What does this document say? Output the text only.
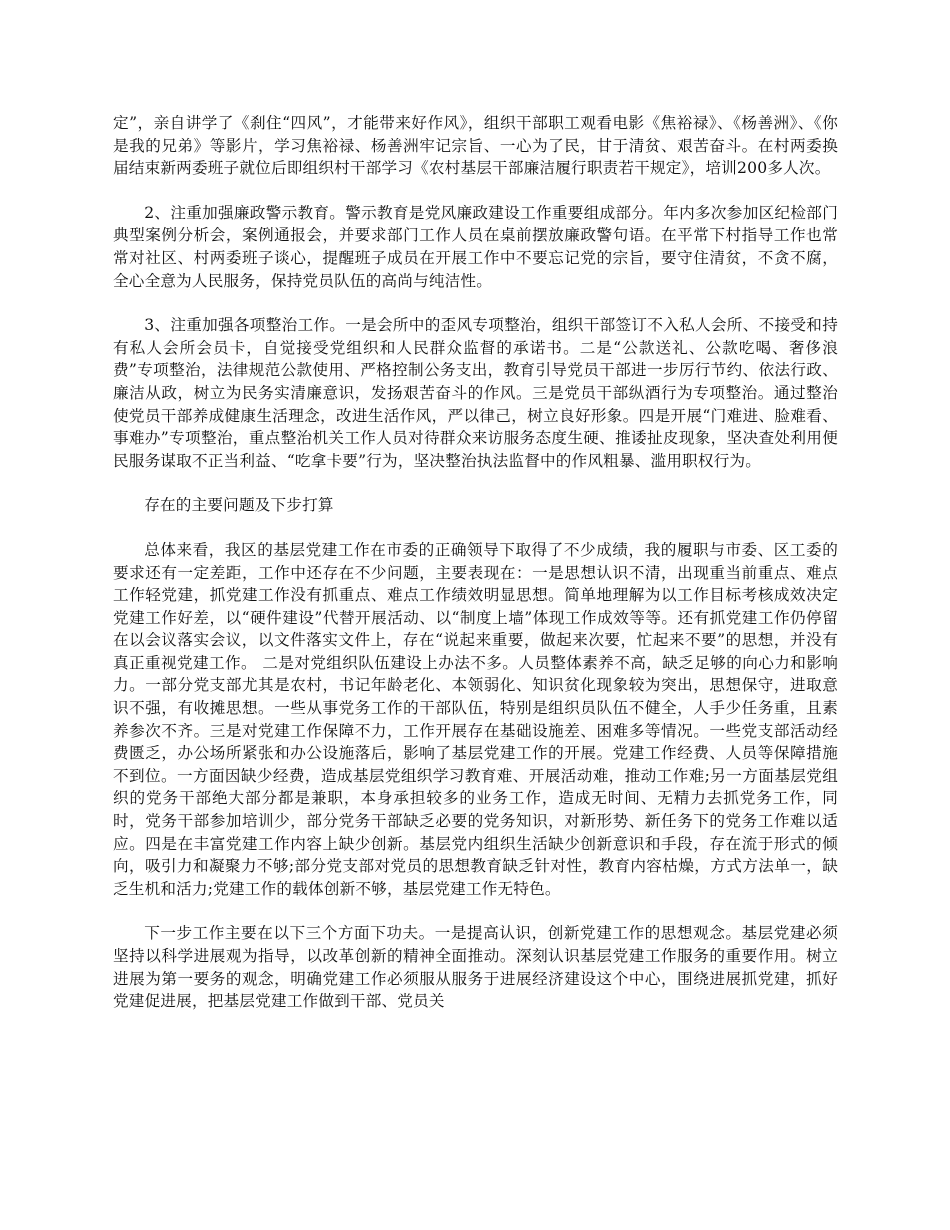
定”，亲自讲学了《刹住“四风”，才能带来好作风》，组织干部职工观看电影《焦裕禄》、《杨善洲》、《你是我的兄弟》等影片，学习焦裕禄、杨善洲牢记宗旨、一心为了民，甘于清贫、艰苦奋斗。在村两委换届结束新两委班子就位后即组织村干部学习《农村基层干部廉洁履行职责若干规定》，培训200多人次。

2、注重加强廉政警示教育。警示教育是党风廉政建设工作重要组成部分。年内多次参加区纪检部门典型案例分析会，案例通报会，并要求部门工作人员在桌前摆放廉政警句语。在平常下村指导工作也常常对社区、村两委班子谈心，提醒班子成员在开展工作中不要忘记党的宗旨，要守住清贫，不贪不腐，全心全意为人民服务，保持党员队伍的高尚与纯洁性。

3、注重加强各项整治工作。一是会所中的歪风专项整治，组织干部签订不入私人会所、不接受和持有私人会所会员卡，自觉接受党组织和人民群众监督的承诺书。二是“公款送礼、公款吃喝、奢侈浪费”专项整治，法律规范公款使用、严格控制公务支出，教育引导党员干部进一步厉行节约、依法行政、廉洁从政，树立为民务实清廉意识，发扬艰苦奋斗的作风。三是党员干部纵酒行为专项整治。通过整治使党员干部养成健康生活理念，改进生活作风，严以律己，树立良好形象。四是开展“门难进、脸难看、事难办”专项整治，重点整治机关工作人员对待群众来访服务态度生硬、推诿扯皮现象，坚决查处利用便民服务谋取不正当利益、“吃拿卡要”行为，坚决整治执法监督中的作风粗暴、滥用职权行为。

存在的主要问题及下步打算

总体来看，我区的基层党建工作在市委的正确领导下取得了不少成绩，我的履职与市委、区工委的要求还有一定差距，工作中还存在不少问题，主要表现在：一是思想认识不清，出现重当前重点、难点工作轻党建，抓党建工作没有抓重点、难点工作绩效明显思想。简单地理解为以工作目标考核成效决定党建工作好差，以“硬件建设”代替开展活动、以“制度上墙”体现工作成效等等。还有抓党建工作仍停留在以会议落实会议，以文件落实文件上，存在“说起来重要，做起来次要，忙起来不要”的思想，并没有真正重视党建工作。 二是对党组织队伍建设上办法不多。人员整体素养不高，缺乏足够的向心力和影响力。一部分党支部尤其是农村，书记年龄老化、本领弱化、知识贫化现象较为突出，思想保守，进取意识不强，有收摊思想。一些从事党务工作的干部队伍，特别是组织员队伍不健全，人手少任务重，且素养参次不齐。三是对党建工作保障不力，工作开展存在基础设施差、困难多等情况。一些党支部活动经费匮乏，办公场所紧张和办公设施落后，影响了基层党建工作的开展。党建工作经费、人员等保障措施不到位。一方面因缺少经费，造成基层党组织学习教育难、开展活动难，推动工作难;另一方面基层党组织的党务干部绝大部分都是兼职，本身承担较多的业务工作，造成无时间、无精力去抓党务工作，同时，党务干部参加培训少，部分党务干部缺乏必要的党务知识，对新形势、新任务下的党务工作难以适应。四是在丰富党建工作内容上缺少创新。基层党内组织生活缺少创新意识和手段，存在流于形式的倾向，吸引力和凝聚力不够;部分党支部对党员的思想教育缺乏针对性，教育内容枯燥，方式方法单一，缺乏生机和活力;党建工作的载体创新不够，基层党建工作无特色。

下一步工作主要在以下三个方面下功夫。一是提高认识，创新党建工作的思想观念。基层党建必须坚持以科学进展观为指导，以改革创新的精神全面推动。深刻认识基层党建工作服务的重要作用。树立进展为第一要务的观念，明确党建工作必须服从服务于进展经济建设这个中心，围绕进展抓党建，抓好党建促进展，把基层党建工作做到干部、党员关
